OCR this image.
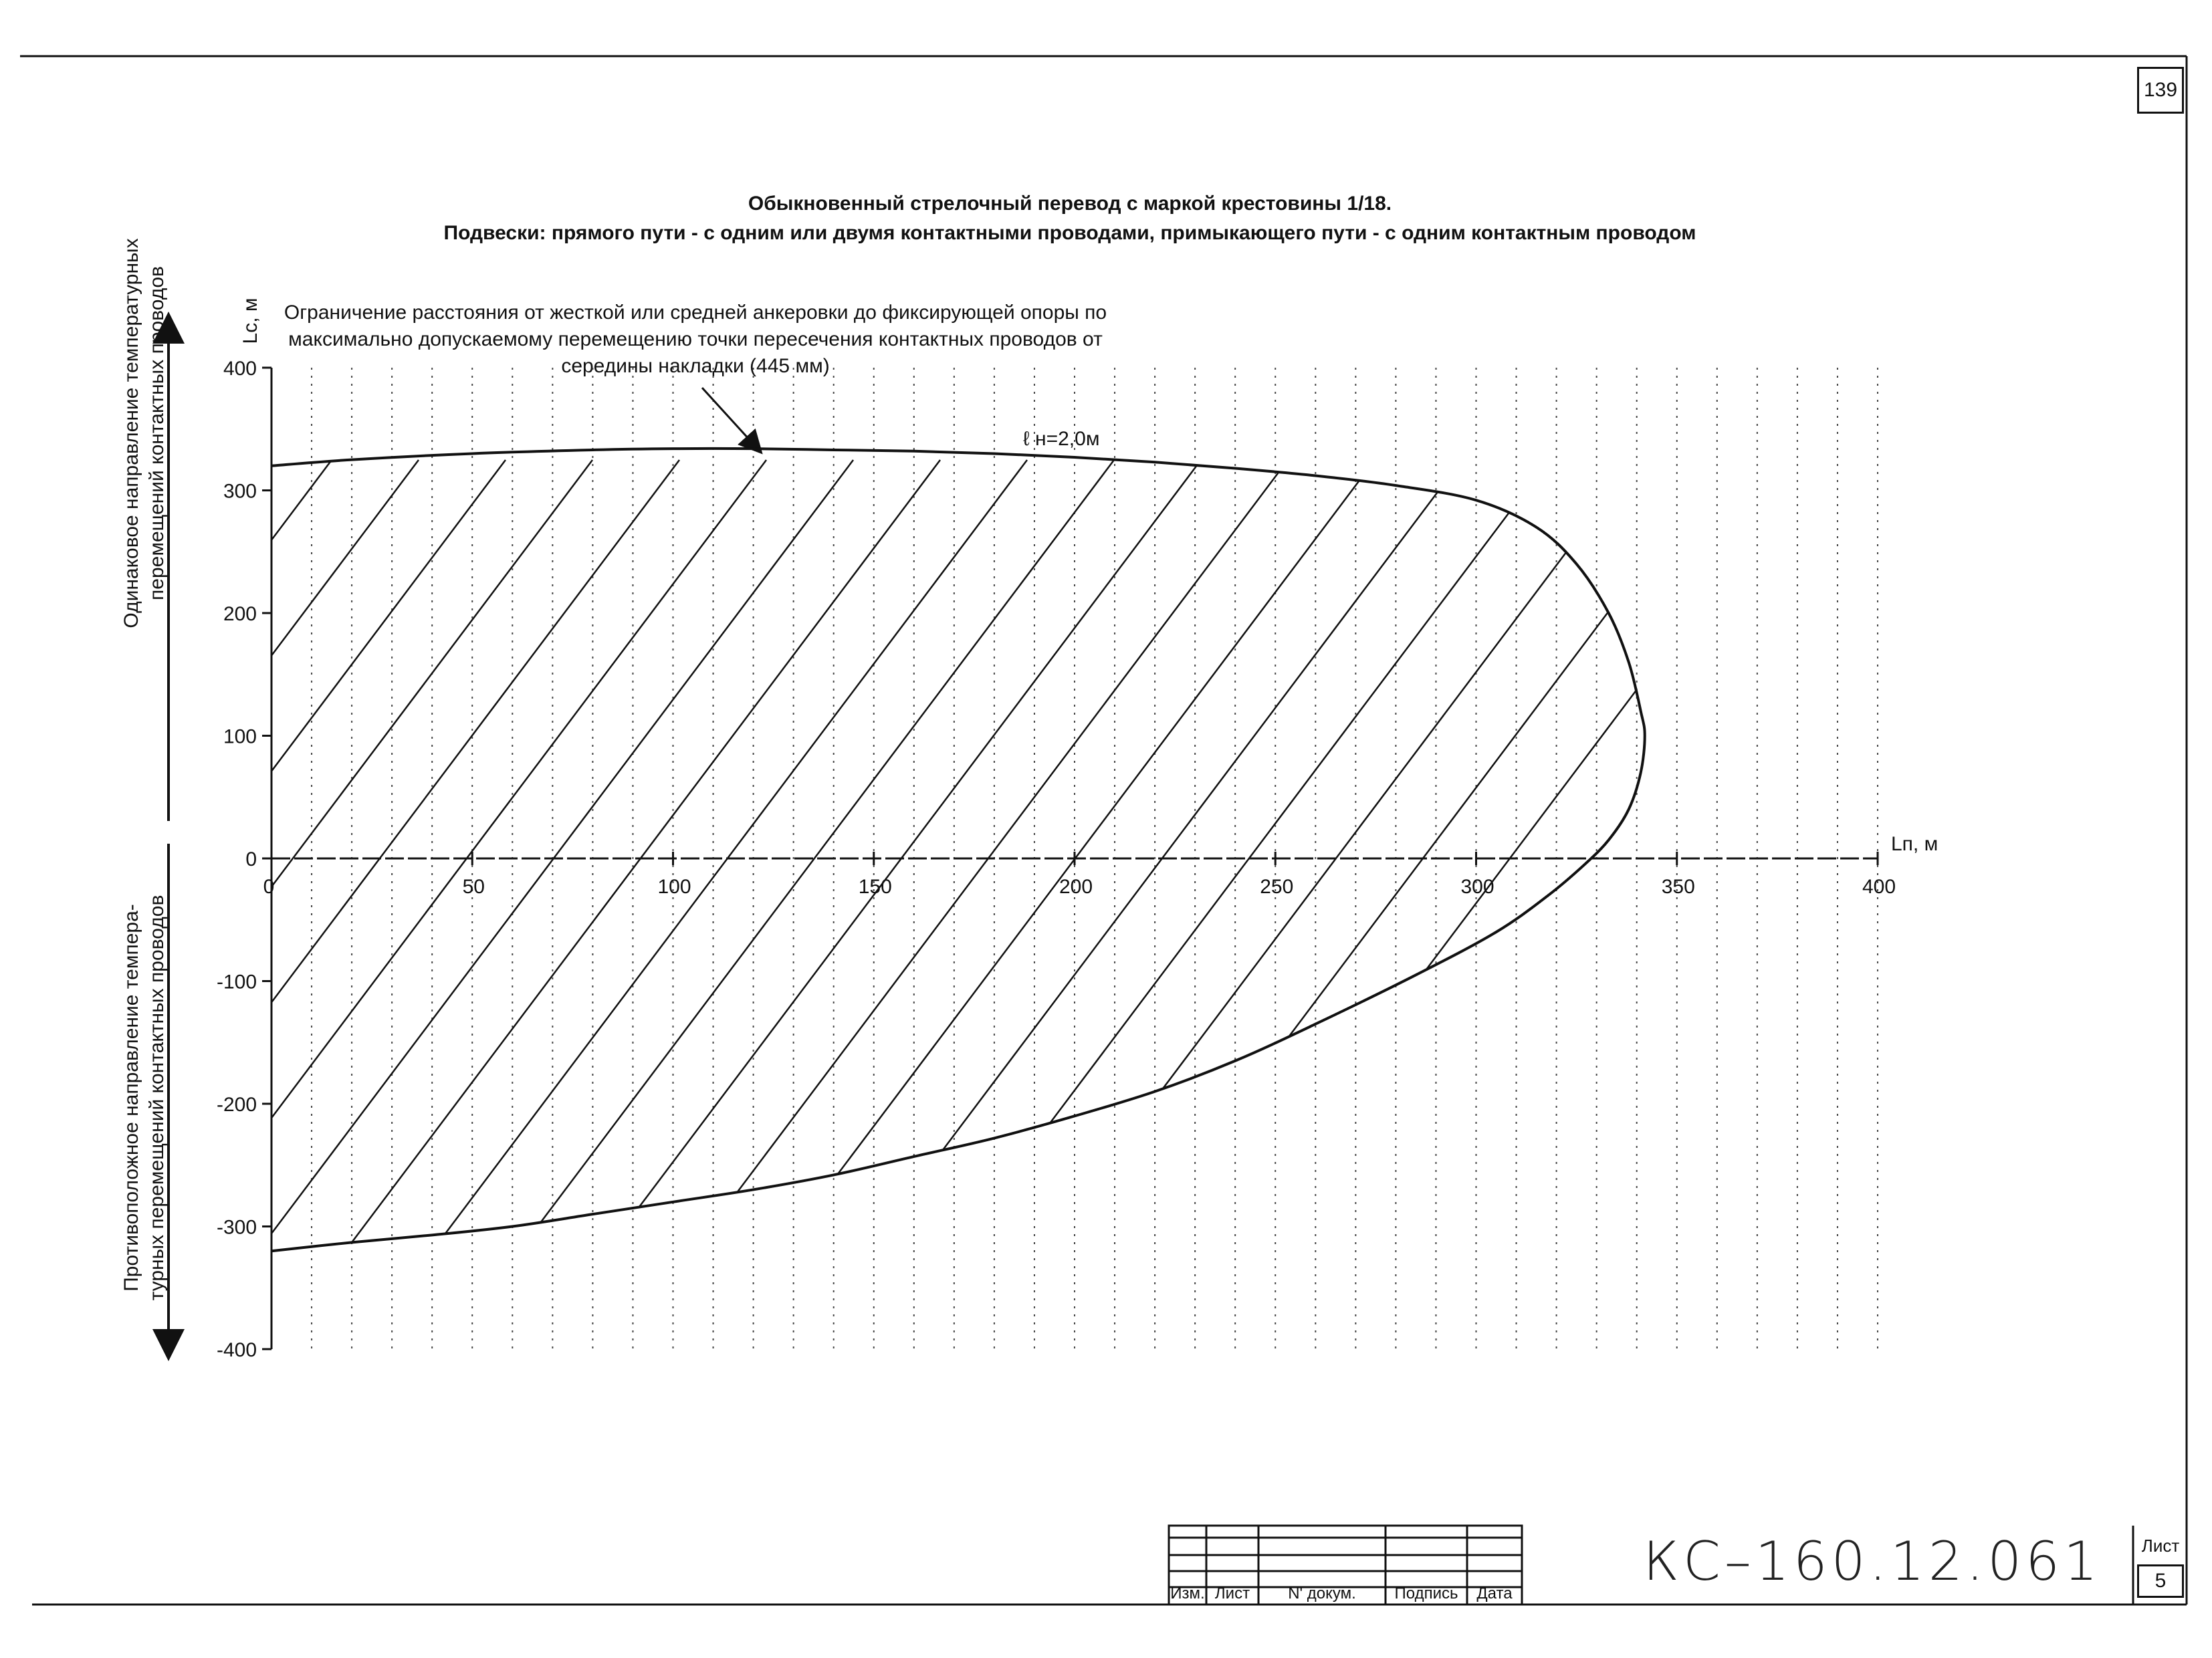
139
Обыкновенный стрелочный перевод с маркой крестовины 1/18.
Подвески: прямого пути - с одним или двумя контактными проводами, примыкающего пути - с одним контактным проводом
Ограничение расстояния от жесткой или средней анкеровки до фиксирующей опоры по максимально допускаемому перемещению точки пересечения контактных проводов от середины накладки (445 мм)
Одинаковое направление температурных перемещений контактных проводов
Противоположное направление темпера- турных перемещений контактных проводов
400
300
200
100
0
-100
-200
-300
-400
0	50	100	150	200	250	300	350	400
Lп, м
Lс, м
ℓ н=2,0м
Изм. Лист	N' докум.	Подпись	Дата
КС–160.12.061	Лист
5
